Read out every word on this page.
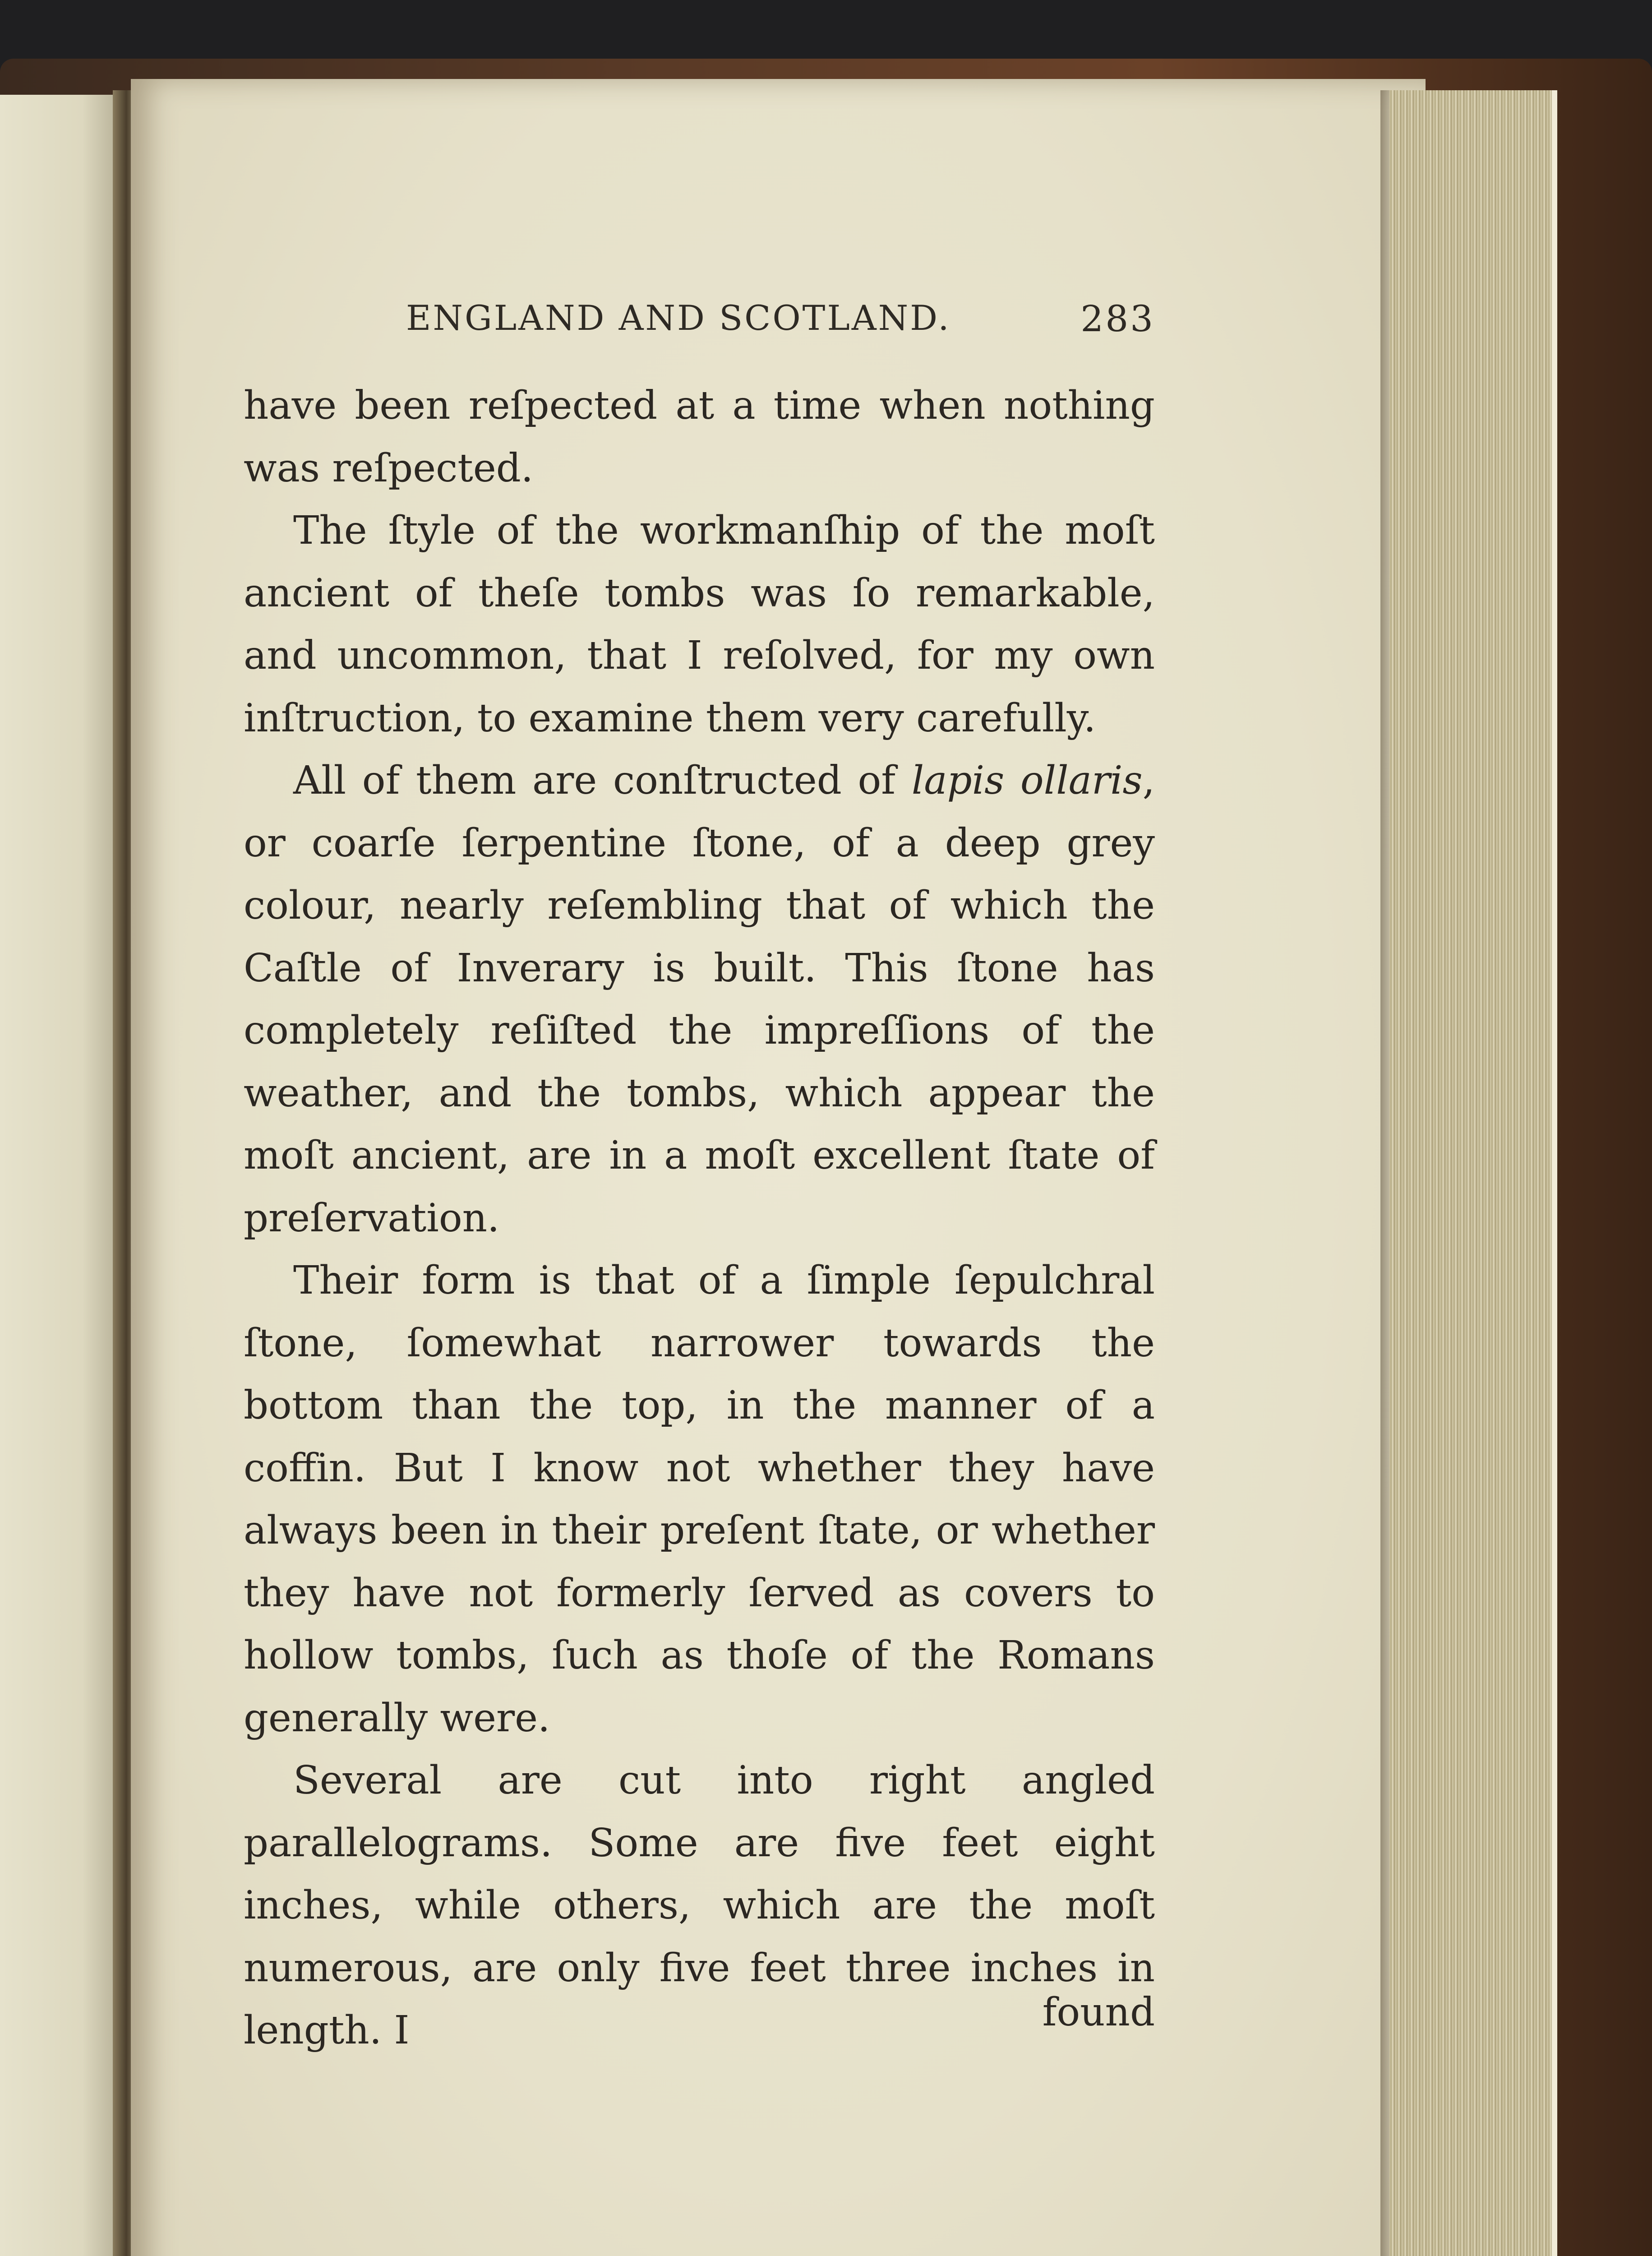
ENGLAND AND SCOTLAND.	283

have been reſpected at a time when nothing was reſpected.

The ſtyle of the workmanſhip of the moſt ancient of theſe tombs was ſo remarkable, and uncommon, that I reſolved, for my own inſtruction, to examine them very carefully.

All of them are conſtructed of lapis ollaris, or coarſe ſerpentine ſtone, of a deep grey colour, nearly reſembling that of which the Caſtle of Inverary is built. This ſtone has completely reſiſted the impreſſions of the weather, and the tombs, which appear the moſt ancient, are in a moſt excellent ſtate of preſervation.

Their form is that of a ſimple ſepulchral ſtone, ſomewhat narrower towards the bottom than the top, in the manner of a coffin. But I know not whether they have always been in their preſent ſtate, or whether they have not formerly ſerved as covers to hollow tombs, ſuch as thoſe of the Romans generally were.

Several are cut into right angled parallelograms. Some are five feet eight inches, while others, which are the moſt numerous, are only five feet three inches in length. I	found
